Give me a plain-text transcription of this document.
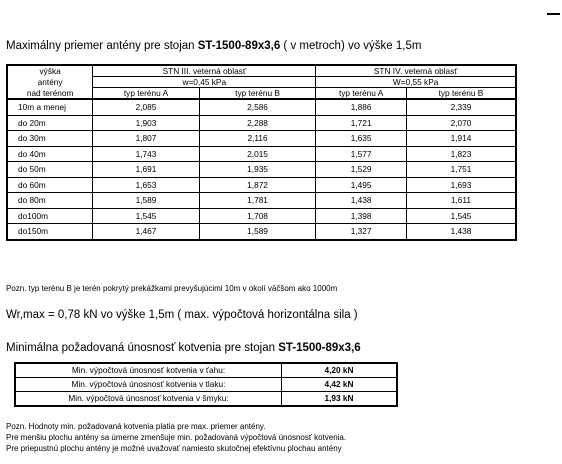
Maximálny priemer antény pre stojan ST-1500-89x3,6 ( v metroch) vo výške 1,5m
výška	STN III. veterná oblasť		STN IV. veterná oblasť	
antény	w=0,45 kPa		W=0,55 kPa	
nad terénom	typ terénu A	typ terénu B	typ terénu A	typ terénu B
10m a menej	2,085	2,586	1,886	2,339
do 20m	1,903	2,288	1,721	2,070
do 30m	1,807	2,116	1,635	1,914
do 40m	1,743	2,015	1,577	1,823
do 50m	1,691	1,935	1,529	1,751
do 60m	1,653	1,872	1,495	1,693
do 80m	1,589	1,781	1,438	1,611
do100m	1,545	1,708	1,398	1,545
do150m	1,467	1,589	1,327	1,438
Pozn. typ terénu B je terén pokrytý prekážkami prevyšujúcimi 10m v okolí väčšom ako 1000m
Wr,max = 0,78 kN vo výške 1,5m ( max. výpočtová horizontálna sila )
Minimálna požadovaná únosnosť kotvenia pre stojan ST-1500-89x3,6
Min. výpočtová únosnosť kotvenia v ťahu:	4,20 kN
Min. výpočtová únosnosť kotvenia v tlaku:	4,42 kN
Min. výpočtová únosnosť kotvenia v šmyku:	1,93 kN
Pozn. Hodnoty min. požadovaná kotvenia platia pre max. priemer antény.
Pre menšiu plochu antény sa úmerne zmenšuje min. požadovaná výpočtová únosnosť kotvenia.
Pre priepustnú plochu antény je možné uvažovať namiesto skutočnej efektívnu plochau antény
